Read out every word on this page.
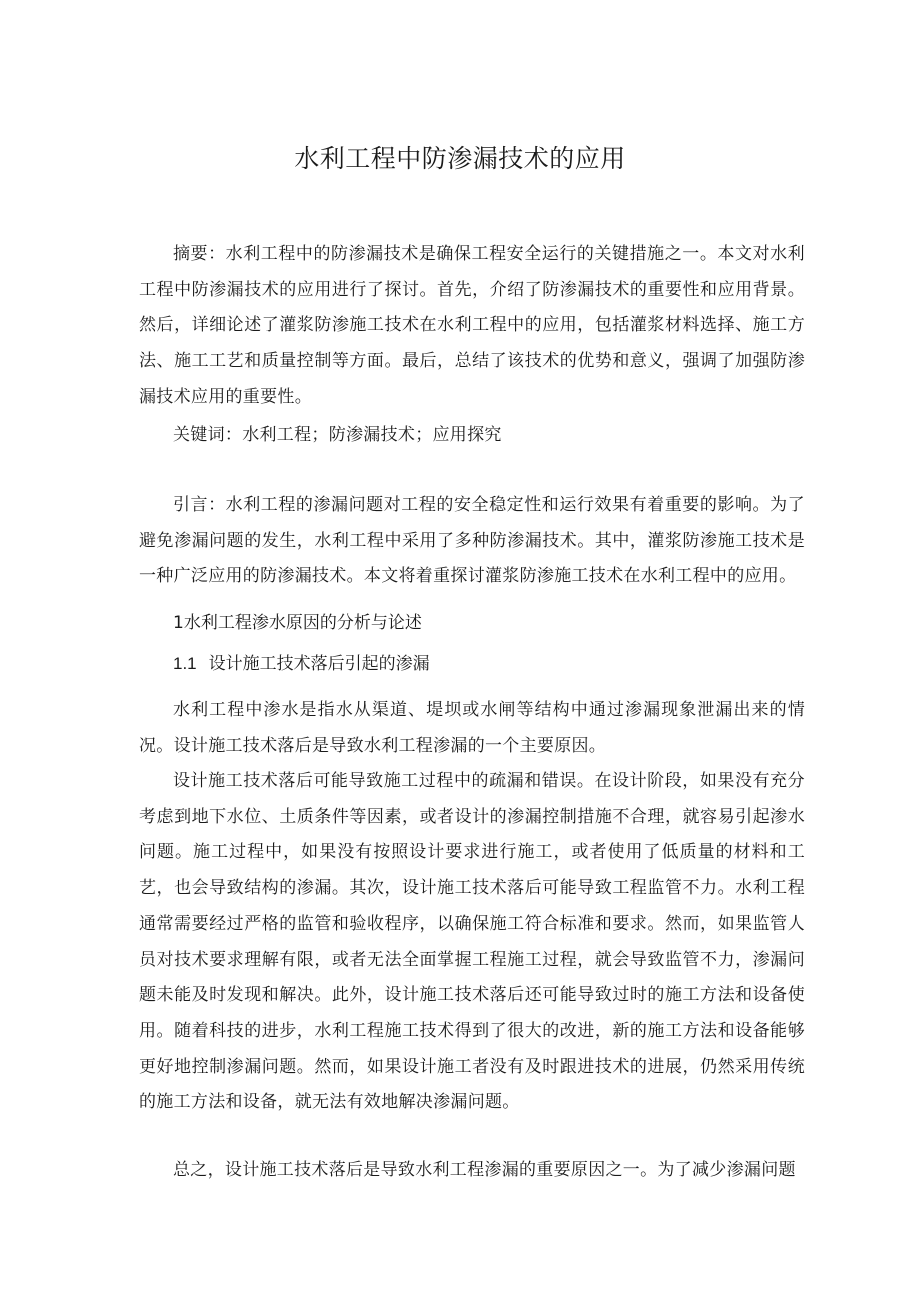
水利工程中防渗漏技术的应用

摘要：水利工程中的防渗漏技术是确保工程安全运行的关键措施之一。本文对水利工程中防渗漏技术的应用进行了探讨。首先，介绍了防渗漏技术的重要性和应用背景。然后，详细论述了灌浆防渗施工技术在水利工程中的应用，包括灌浆材料选择、施工方法、施工工艺和质量控制等方面。最后，总结了该技术的优势和意义，强调了加强防渗漏技术应用的重要性。

关键词：水利工程；防渗漏技术；应用探究

引言：水利工程的渗漏问题对工程的安全稳定性和运行效果有着重要的影响。为了避免渗漏问题的发生，水利工程中采用了多种防渗漏技术。其中，灌浆防渗施工技术是一种广泛应用的防渗漏技术。本文将着重探讨灌浆防渗施工技术在水利工程中的应用。

1水利工程渗水原因的分析与论述
1.1 设计施工技术落后引起的渗漏

水利工程中渗水是指水从渠道、堤坝或水闸等结构中通过渗漏现象泄漏出来的情况。设计施工技术落后是导致水利工程渗漏的一个主要原因。

设计施工技术落后可能导致施工过程中的疏漏和错误。在设计阶段，如果没有充分考虑到地下水位、土质条件等因素，或者设计的渗漏控制措施不合理，就容易引起渗水问题。施工过程中，如果没有按照设计要求进行施工，或者使用了低质量的材料和工艺，也会导致结构的渗漏。其次，设计施工技术落后可能导致工程监管不力。水利工程通常需要经过严格的监管和验收程序，以确保施工符合标准和要求。然而，如果监管人员对技术要求理解有限，或者无法全面掌握工程施工过程，就会导致监管不力，渗漏问题未能及时发现和解决。此外，设计施工技术落后还可能导致过时的施工方法和设备使用。随着科技的进步，水利工程施工技术得到了很大的改进，新的施工方法和设备能够更好地控制渗漏问题。然而，如果设计施工者没有及时跟进技术的进展，仍然采用传统的施工方法和设备，就无法有效地解决渗漏问题。

总之，设计施工技术落后是导致水利工程渗漏的重要原因之一。为了减少渗漏问题
